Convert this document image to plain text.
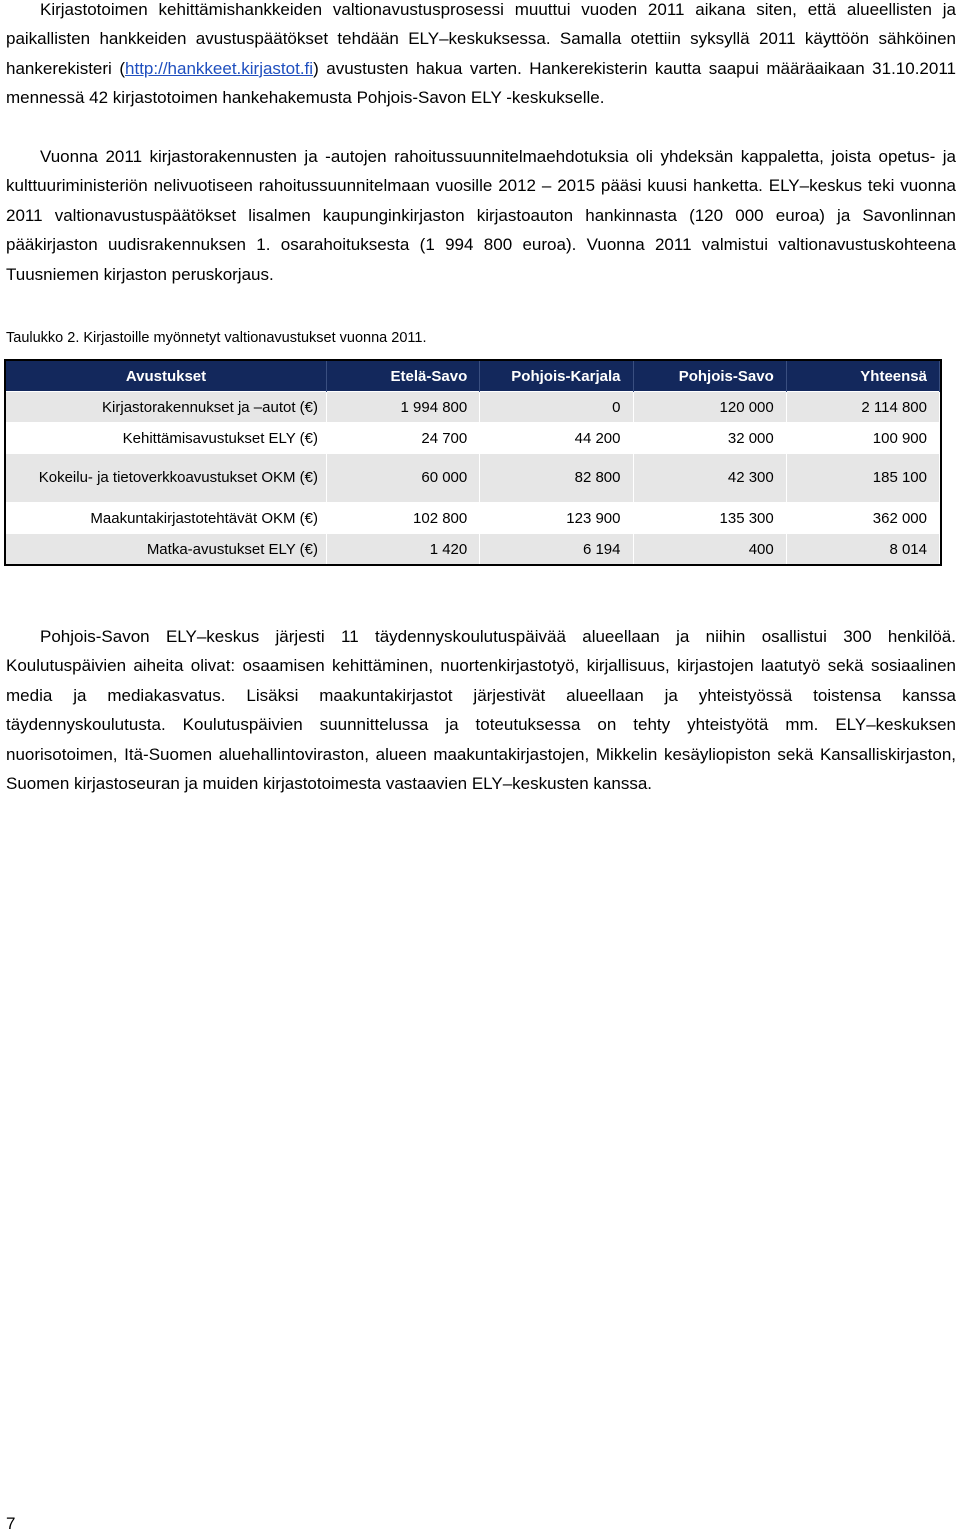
Kirjastotoimen kehittämishankkeiden valtionavustusprosessi muuttui vuoden 2011 aikana siten, että alueellisten ja paikallisten hankkeiden avustuspäätökset tehdään ELY–keskuksessa. Samalla otettiin syksyllä 2011 käyttöön sähköinen hankerekisteri (http://hankkeet.kirjastot.fi) avustusten hakua varten. Hankerekisterin kautta saapui määräaikaan 31.10.2011 mennessä 42 kirjastotoimen hankehakemusta Pohjois-Savon ELY -keskukselle.

Vuonna 2011 kirjastorakennusten ja -autojen rahoitussuunnitelmaehdotuksia oli yhdeksän kappaletta, joista opetus- ja kulttuuriministeriön nelivuotiseen rahoitussuunnitelmaan vuosille 2012 – 2015 pääsi kuusi hanketta. ELY–keskus teki vuonna 2011 valtionavustuspäätökset lisalmen kaupunginkirjaston kirjastoauton hankinnasta (120 000 euroa) ja Savonlinnan pääkirjaston uudisrakennuksen 1. osarahoituksesta (1 994 800 euroa). Vuonna 2011 valmistui valtionavustuskohteena Tuusniemen kirjaston peruskorjaus.

Taulukko 2. Kirjastoille myönnetyt valtionavustukset vuonna 2011.

Avustukset	Etelä-Savo	Pohjois-Karjala	Pohjois-Savo	Yhteensä
Kirjastorakennukset ja –autot (€)	1 994 800	0	120 000	2 114 800
Kehittämisavustukset ELY (€)	24 700	44 200	32 000	100 900
Kokeilu- ja tietoverkkoavustukset OKM (€)	60 000	82 800	42 300	185 100
Maakuntakirjastotehtävät OKM (€)	102 800	123 900	135 300	362 000
Matka-avustukset ELY (€)	1 420	6 194	400	8 014

Pohjois-Savon ELY–keskus järjesti 11 täydennyskoulutuspäivää alueellaan ja niihin osallistui 300 henkilöä. Koulutuspäivien aiheita olivat: osaamisen kehittäminen, nuortenkirjastotyö, kirjallisuus, kirjastojen laatutyö sekä sosiaalinen media ja mediakasvatus. Lisäksi maakuntakirjastot järjestivät alueellaan ja yhteistyössä toistensa kanssa täydennyskoulutusta. Koulutuspäivien suunnittelussa ja toteutuksessa on tehty yhteistyötä mm. ELY–keskuksen nuorisotoimen, Itä-Suomen aluehallintoviraston, alueen maakuntakirjastojen, Mikkelin kesäyliopiston sekä Kansalliskirjaston, Suomen kirjastoseuran ja muiden kirjastotoimesta vastaavien ELY–keskusten kanssa.

7
